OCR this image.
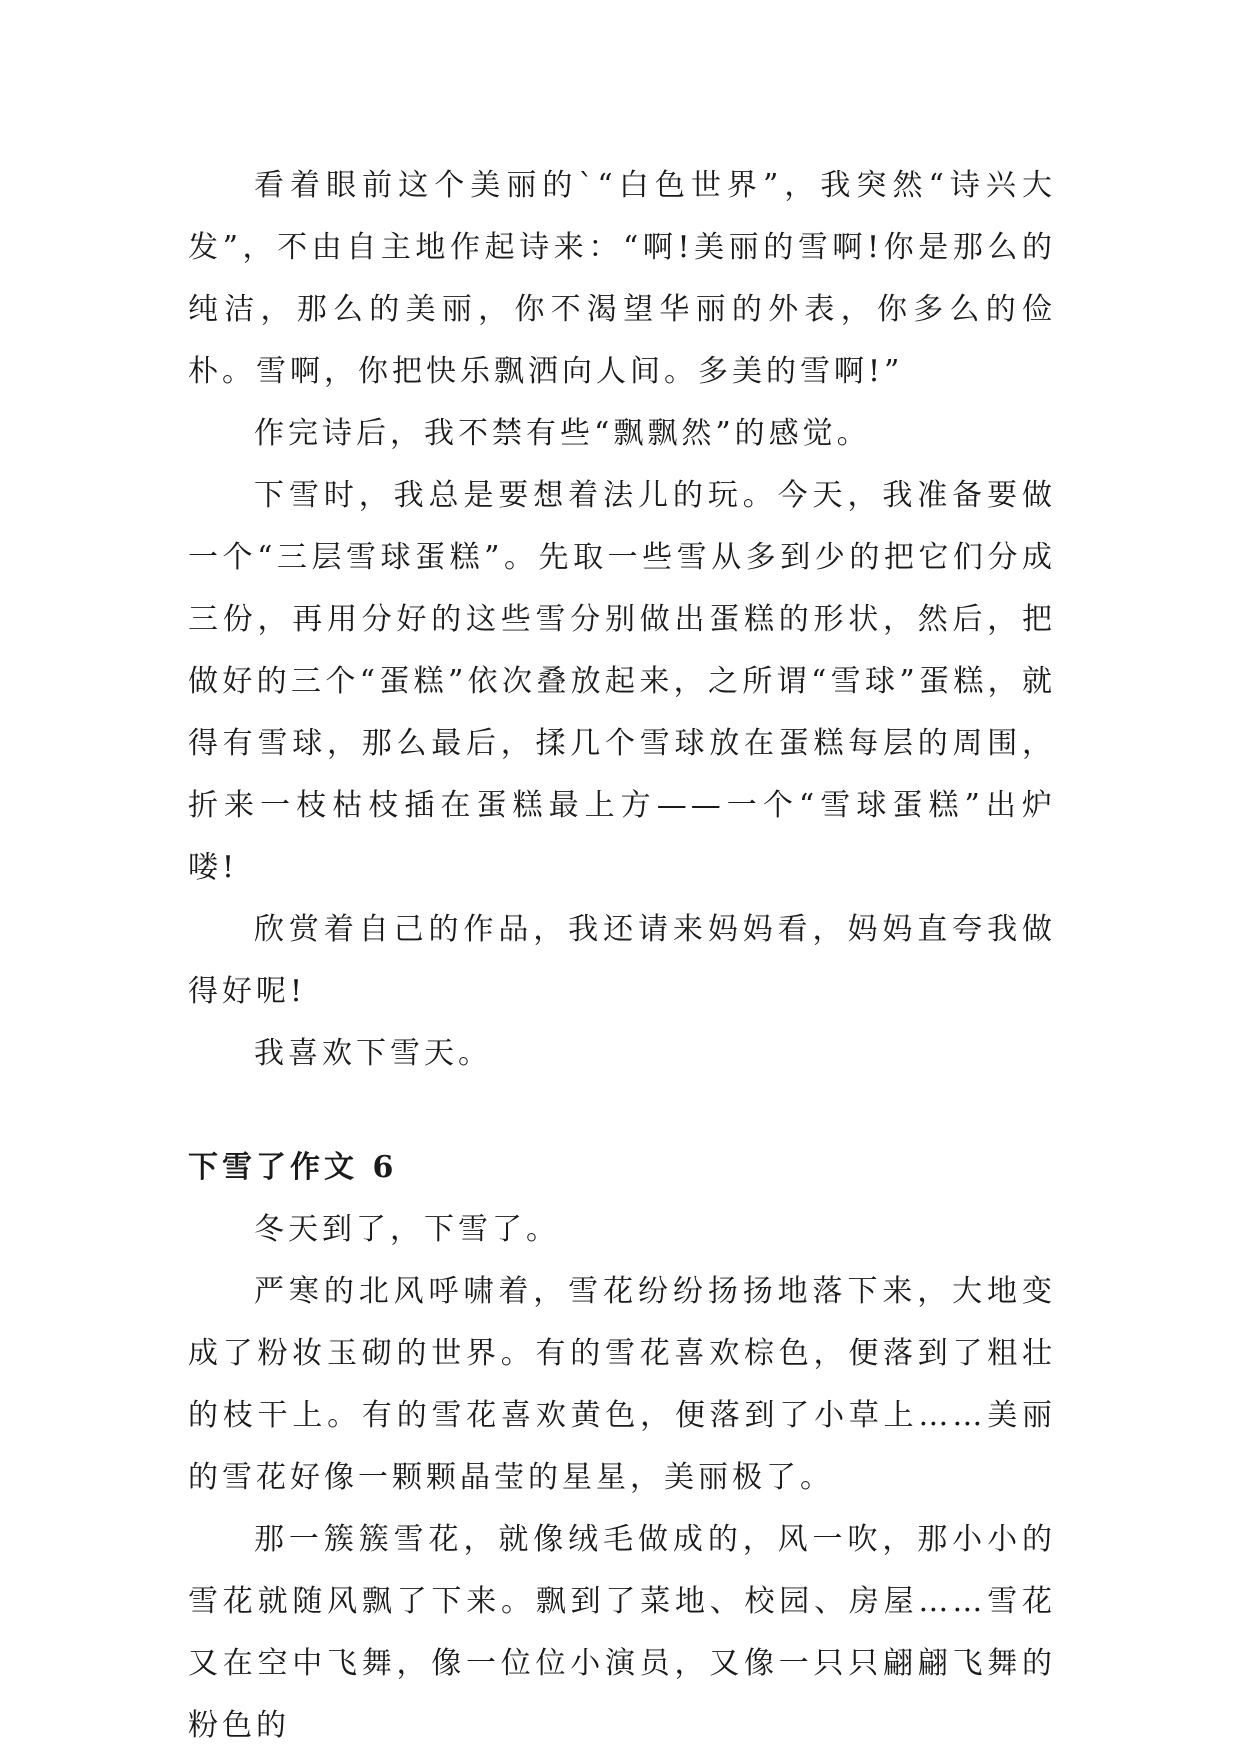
看着眼前这个美丽的`“白色世界”，我突然“诗兴大发”，不由自主地作起诗来：“啊!美丽的雪啊!你是那么的纯洁，那么的美丽，你不渴望华丽的外表，你多么的俭朴。雪啊，你把快乐飘洒向人间。多美的雪啊!”

作完诗后，我不禁有些“飘飘然”的感觉。

下雪时，我总是要想着法儿的玩。今天，我准备要做一个“三层雪球蛋糕”。先取一些雪从多到少的把它们分成三份，再用分好的这些雪分别做出蛋糕的形状，然后，把做好的三个“蛋糕”依次叠放起来，之所谓“雪球”蛋糕，就得有雪球，那么最后，揉几个雪球放在蛋糕每层的周围，折来一枝枯枝插在蛋糕最上方——一个“雪球蛋糕”出炉喽!

欣赏着自己的作品，我还请来妈妈看，妈妈直夸我做得好呢!

我喜欢下雪天。

下雪了作文 6

冬天到了，下雪了。

严寒的北风呼啸着，雪花纷纷扬扬地落下来，大地变成了粉妆玉砌的世界。有的雪花喜欢棕色，便落到了粗壮的枝干上。有的雪花喜欢黄色，便落到了小草上……美丽的雪花好像一颗颗晶莹的星星，美丽极了。

那一簇簇雪花，就像绒毛做成的，风一吹，那小小的雪花就随风飘了下来。飘到了菜地、校园、房屋……雪花又在空中飞舞，像一位位小演员，又像一只只翩翩飞舞的粉色的
